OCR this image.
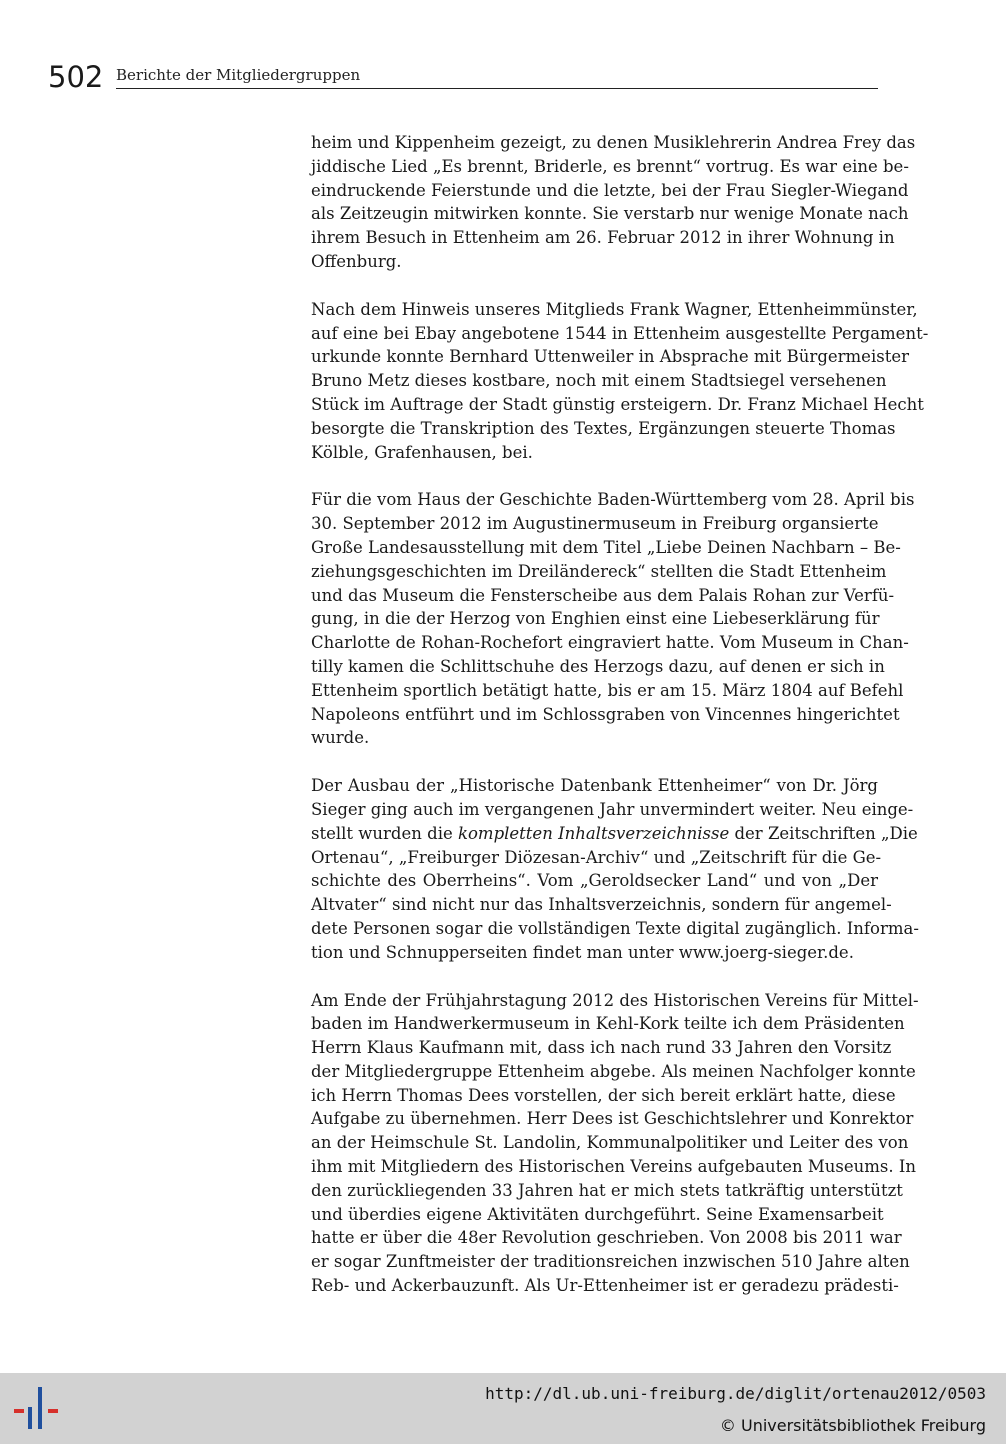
502 Berichte der Mitgliedergruppen

heim und Kippenheim gezeigt, zu denen Musiklehrerin Andrea Frey das
jiddische Lied „Es brennt, Briderle, es brennt“ vortrug. Es war eine be-
eindruckende Feierstunde und die letzte, bei der Frau Siegler-Wiegand
als Zeitzeugin mitwirken konnte. Sie verstarb nur wenige Monate nach
ihrem Besuch in Ettenheim am 26. Februar 2012 in ihrer Wohnung in
Offenburg.

Nach dem Hinweis unseres Mitglieds Frank Wagner, Ettenheimmünster,
auf eine bei Ebay angebotene 1544 in Ettenheim ausgestellte Pergament-
urkunde konnte Bernhard Uttenweiler in Absprache mit Bürgermeister
Bruno Metz dieses kostbare, noch mit einem Stadtsiegel versehenen
Stück im Auftrage der Stadt günstig ersteigern. Dr. Franz Michael Hecht
besorgte die Transkription des Textes, Ergänzungen steuerte Thomas
Kölble, Grafenhausen, bei.

Für die vom Haus der Geschichte Baden-Württemberg vom 28. April bis
30. September 2012 im Augustinermuseum in Freiburg organsierte
Große Landesausstellung mit dem Titel „Liebe Deinen Nachbarn – Be-
ziehungsgeschichten im Dreiländereck“ stellten die Stadt Ettenheim
und das Museum die Fensterscheibe aus dem Palais Rohan zur Verfü-
gung, in die der Herzog von Enghien einst eine Liebeserklärung für
Charlotte de Rohan-Rochefort eingraviert hatte. Vom Museum in Chan-
tilly kamen die Schlittschuhe des Herzogs dazu, auf denen er sich in
Ettenheim sportlich betätigt hatte, bis er am 15. März 1804 auf Befehl
Napoleons entführt und im Schlossgraben von Vincennes hingerichtet
wurde.

Der Ausbau der „Historische Datenbank Ettenheimer“ von Dr. Jörg
Sieger ging auch im vergangenen Jahr unvermindert weiter. Neu einge-
stellt wurden die kompletten Inhaltsverzeichnisse der Zeitschriften „Die
Ortenau“, „Freiburger Diözesan-Archiv“ und „Zeitschrift für die Ge-
schichte des Oberrheins“. Vom „Geroldsecker Land“ und von „Der
Altvater“ sind nicht nur das Inhaltsverzeichnis, sondern für angemel-
dete Personen sogar die vollständigen Texte digital zugänglich. Informa-
tion und Schnupperseiten findet man unter www.joerg-sieger.de.

Am Ende der Frühjahrstagung 2012 des Historischen Vereins für Mittel-
baden im Handwerkermuseum in Kehl-Kork teilte ich dem Präsidenten
Herrn Klaus Kaufmann mit, dass ich nach rund 33 Jahren den Vorsitz
der Mitgliedergruppe Ettenheim abgebe. Als meinen Nachfolger konnte
ich Herrn Thomas Dees vorstellen, der sich bereit erklärt hatte, diese
Aufgabe zu übernehmen. Herr Dees ist Geschichtslehrer und Konrektor
an der Heimschule St. Landolin, Kommunalpolitiker und Leiter des von
ihm mit Mitgliedern des Historischen Vereins aufgebauten Museums. In
den zurückliegenden 33 Jahren hat er mich stets tatkräftig unterstützt
und überdies eigene Aktivitäten durchgeführt. Seine Examensarbeit
hatte er über die 48er Revolution geschrieben. Von 2008 bis 2011 war
er sogar Zunftmeister der traditionsreichen inzwischen 510 Jahre alten
Reb- und Ackerbauzunft. Als Ur-Ettenheimer ist er geradezu prädesti-

http://dl.ub.uni-freiburg.de/diglit/ortenau2012/0503
© Universitätsbibliothek Freiburg
